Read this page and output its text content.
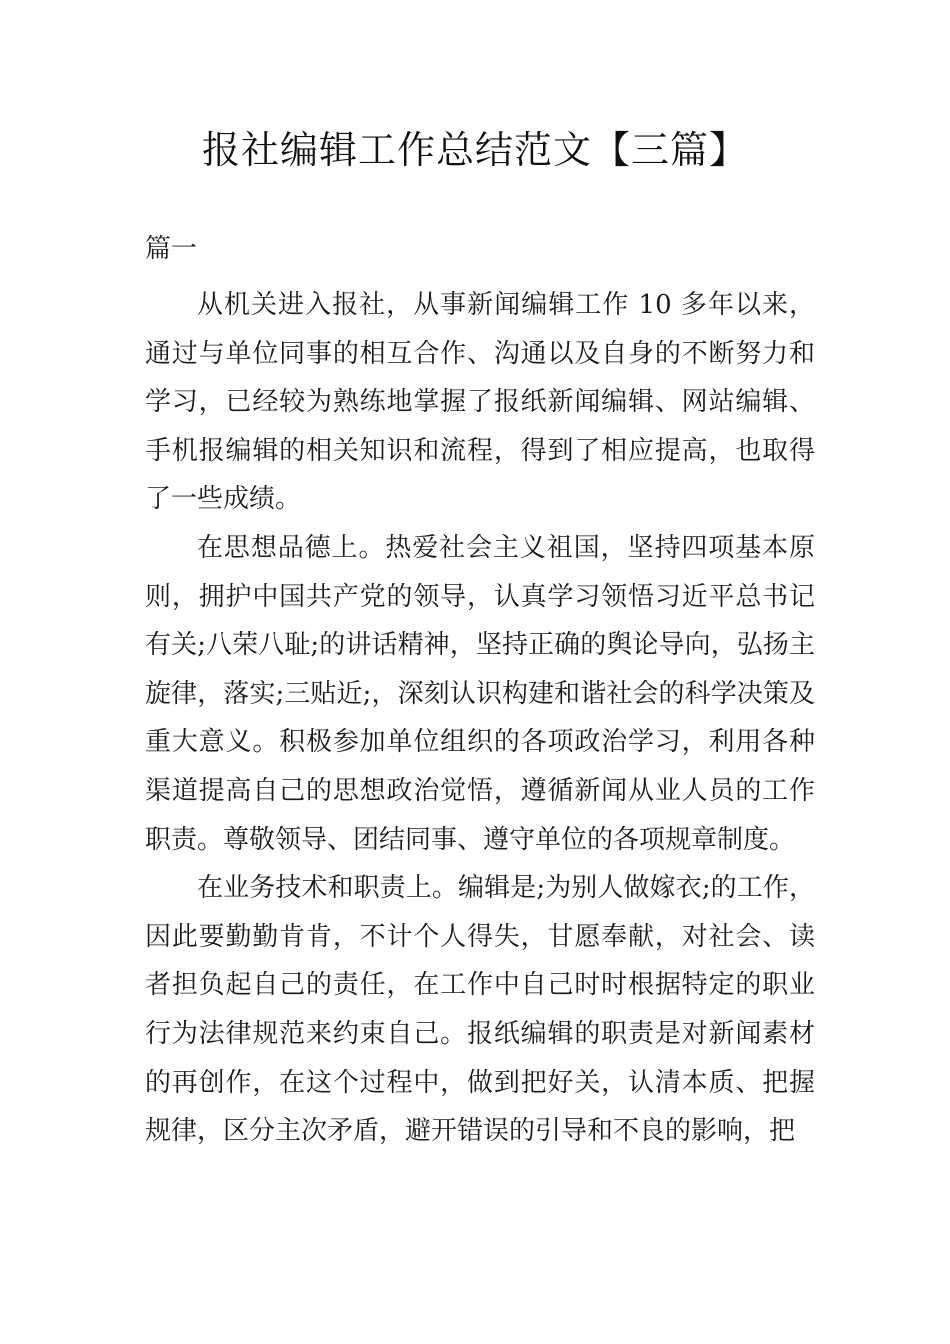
报社编辑工作总结范文【三篇】
篇一

从机关进入报社，从事新闻编辑工作 10 多年以来，通过与单位同事的相互合作、沟通以及自身的不断努力和学习，已经较为熟练地掌握了报纸新闻编辑、网站编辑、手机报编辑的相关知识和流程，得到了相应提高，也取得了一些成绩。

在思想品德上。热爱社会主义祖国，坚持四项基本原则，拥护中国共产党的领导，认真学习领悟习近平总书记有关;八荣八耻;的讲话精神，坚持正确的舆论导向，弘扬主旋律，落实;三贴近;，深刻认识构建和谐社会的科学决策及重大意义。积极参加单位组织的各项政治学习，利用各种渠道提高自己的思想政治觉悟，遵循新闻从业人员的工作职责。尊敬领导、团结同事、遵守单位的各项规章制度。

在业务技术和职责上。编辑是;为别人做嫁衣;的工作，因此要勤勤肯肯，不计个人得失，甘愿奉献，对社会、读者担负起自己的责任，在工作中自己时时根据特定的职业行为法律规范来约束自己。报纸编辑的职责是对新闻素材的再创作，在这个过程中，做到把好关，认清本质、把握规律，区分主次矛盾，避开错误的引导和不良的影响，把
